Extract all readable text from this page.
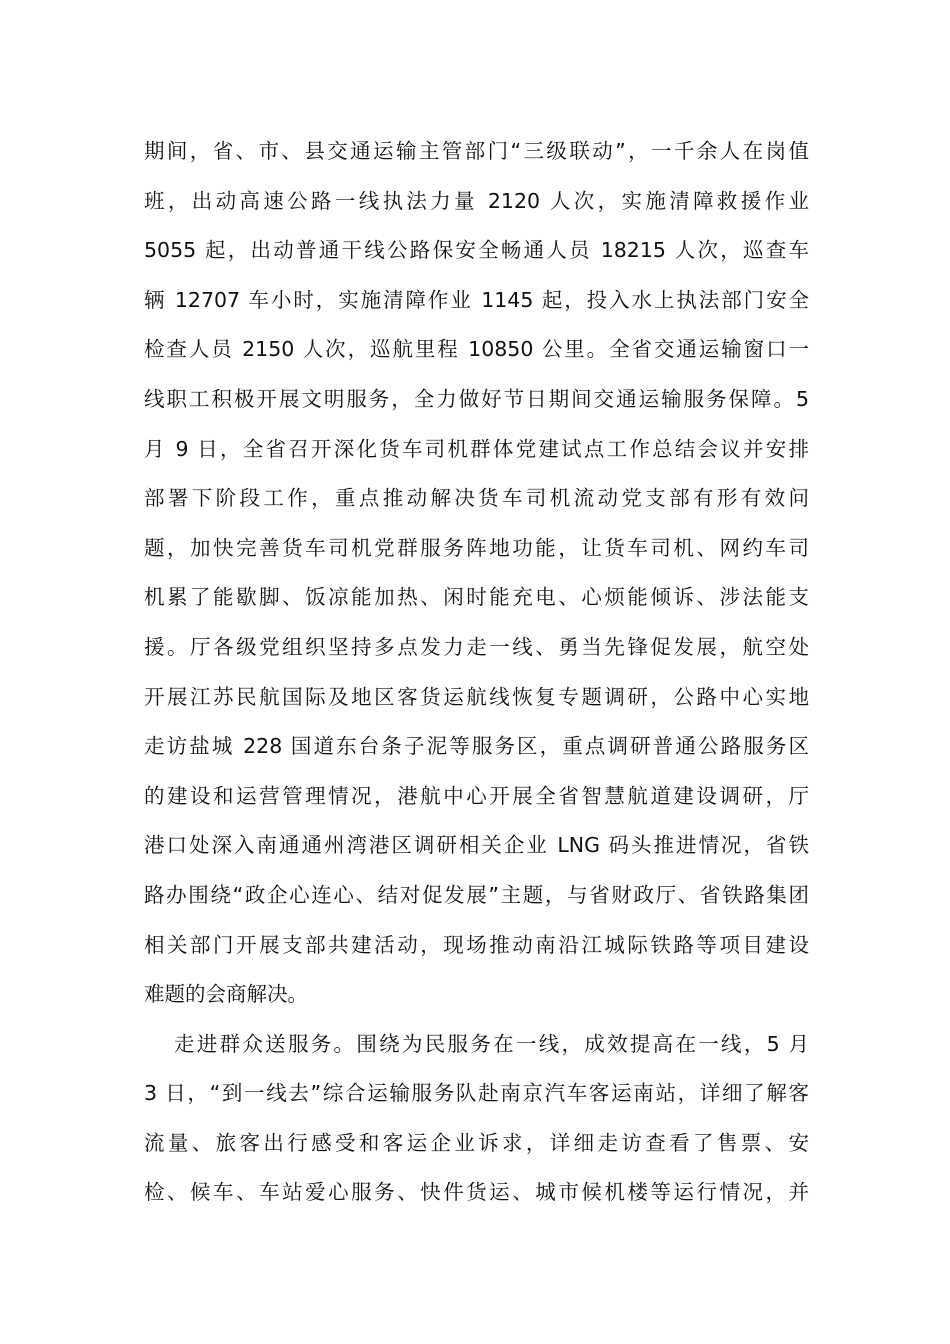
期间，省、市、县交通运输主管部门“三级联动”，一千余人在岗值
班，出动高速公路一线执法力量 2120 人次，实施清障救援作业
5055 起，出动普通干线公路保安全畅通人员 18215 人次，巡查车
辆 12707 车小时，实施清障作业 1145 起，投入水上执法部门安全
检查人员 2150 人次，巡航里程 10850 公里。全省交通运输窗口一
线职工积极开展文明服务，全力做好节日期间交通运输服务保障。5
月 9 日，全省召开深化货车司机群体党建试点工作总结会议并安排
部署下阶段工作，重点推动解决货车司机流动党支部有形有效问
题，加快完善货车司机党群服务阵地功能，让货车司机、网约车司
机累了能歇脚、饭凉能加热、闲时能充电、心烦能倾诉、涉法能支
援。厅各级党组织坚持多点发力走一线、勇当先锋促发展，航空处
开展江苏民航国际及地区客货运航线恢复专题调研，公路中心实地
走访盐城 228 国道东台条子泥等服务区，重点调研普通公路服务区
的建设和运营管理情况，港航中心开展全省智慧航道建设调研，厅
港口处深入南通通州湾港区调研相关企业 LNG 码头推进情况，省铁
路办围绕“政企心连心、结对促发展”主题，与省财政厅、省铁路集团
相关部门开展支部共建活动，现场推动南沿江城际铁路等项目建设
难题的会商解决。
走进群众送服务。围绕为民服务在一线，成效提高在一线，5 月
3 日，“到一线去”综合运输服务队赴南京汽车客运南站，详细了解客
流量、旅客出行感受和客运企业诉求，详细走访查看了售票、安
检、候车、车站爱心服务、快件货运、城市候机楼等运行情况，并
